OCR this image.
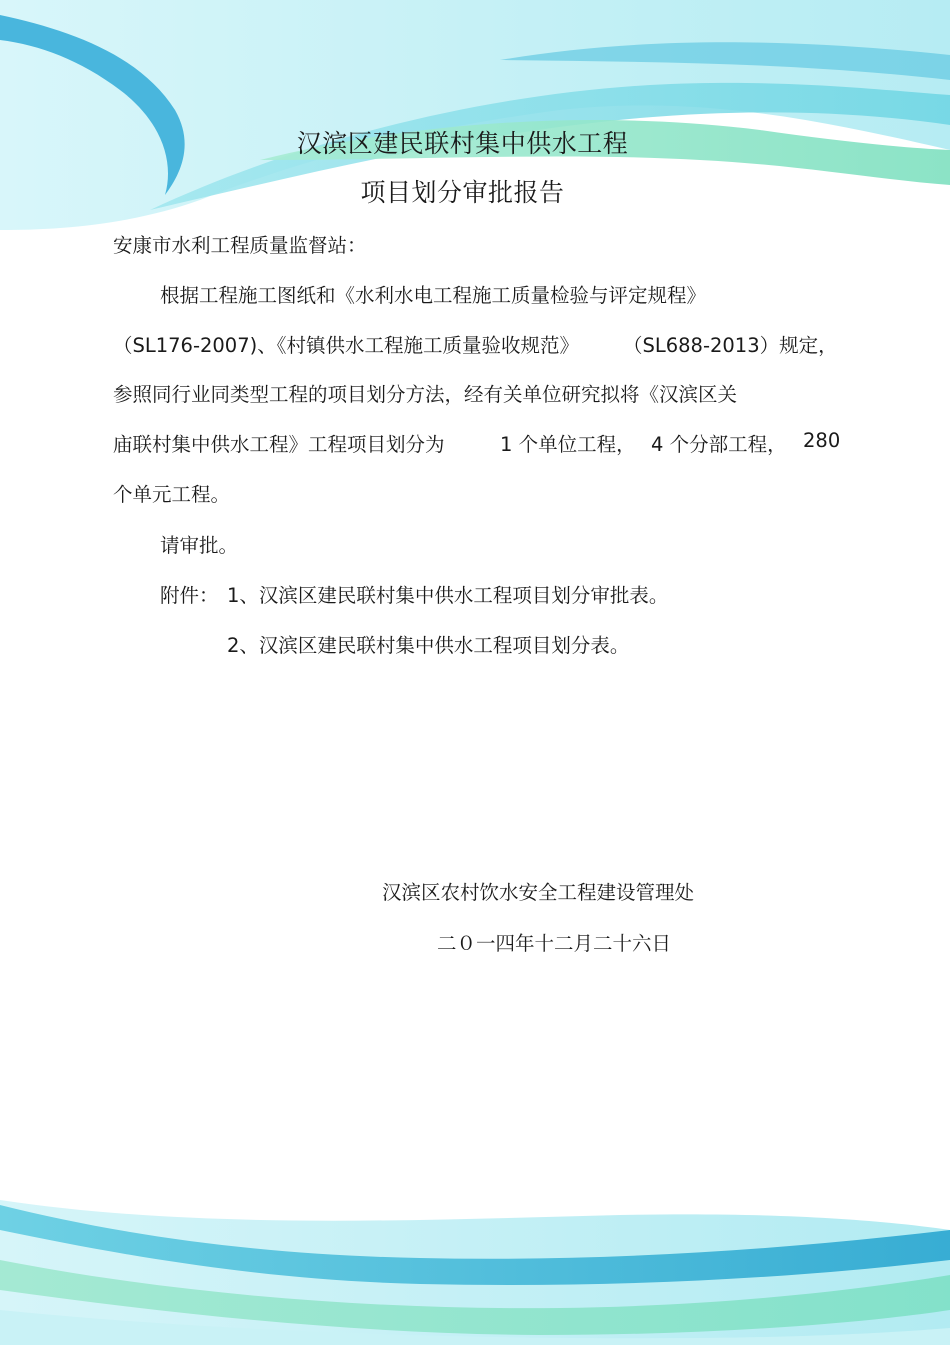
汉滨区建民联村集中供水工程
项目划分审批报告
安康市水利工程质量监督站：
根据工程施工图纸和《水利水电工程施工质量检验与评定规程》
（SL176-2007)、《村镇供水工程施工质量验收规范》 （SL688-2013）规定，
参照同行业同类型工程的项目划分方法，经有关单位研究拟将《汉滨区关
庙联村集中供水工程》工程项目划分为	1 个单位工程， 4 个分部工程， 280
个单元工程。
请审批。
附件： 1、汉滨区建民联村集中供水工程项目划分审批表。
2、汉滨区建民联村集中供水工程项目划分表。
汉滨区农村饮水安全工程建设管理处
二０一四年十二月二十六日
